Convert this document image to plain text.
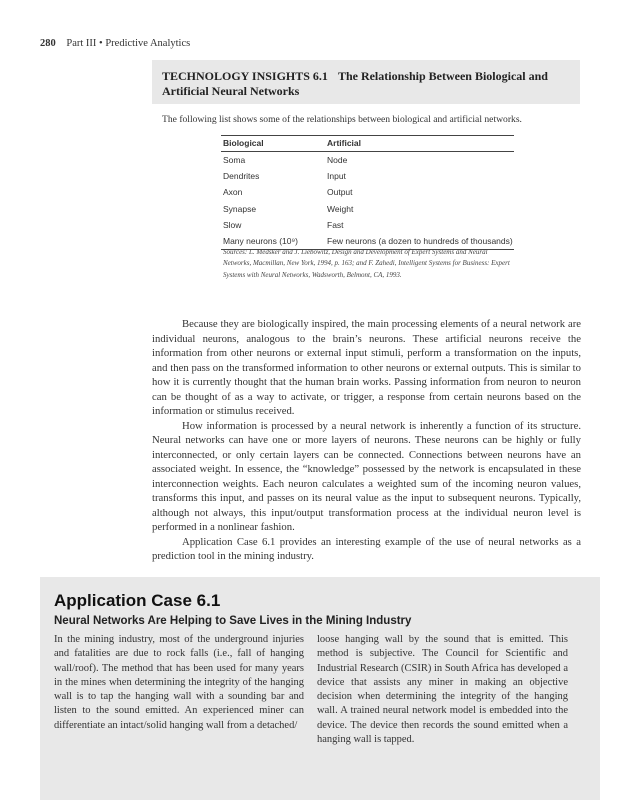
280 Part III • Predictive Analytics
TECHNOLOGY INSIGHTS 6.1 The Relationship Between Biological and Artificial Neural Networks
The following list shows some of the relationships between biological and artificial networks.
Biological	Artificial
Soma	Node
Dendrites	Input
Axon	Output
Synapse	Weight
Slow	Fast
Many neurons (10⁹)	Few neurons (a dozen to hundreds of thousands)
Sources: L. Medsker and J. Liebowitz, Design and Development of Expert Systems and Neural Networks, Macmillan, New York, 1994, p. 163; and F. Zahedi, Intelligent Systems for Business: Expert Systems with Neural Networks, Wadsworth, Belmont, CA, 1993.

Because they are biologically inspired, the main processing elements of a neural network are individual neurons, analogous to the brain’s neurons. These artificial neurons receive the information from other neurons or external input stimuli, perform a transformation on the inputs, and then pass on the transformed information to other neurons or external outputs. This is similar to how it is currently thought that the human brain works. Passing information from neuron to neuron can be thought of as a way to activate, or trigger, a response from certain neurons based on the information or stimulus received.

How information is processed by a neural network is inherently a function of its structure. Neural networks can have one or more layers of neurons. These neurons can be highly or fully interconnected, or only certain layers can be connected. Connections between neurons have an associated weight. In essence, the “knowledge” possessed by the network is encapsulated in these interconnection weights. Each neuron calculates a weighted sum of the incoming neuron values, transforms this input, and passes on its neural value as the input to subsequent neurons. Typically, although not always, this input/output transformation process at the individual neuron level is performed in a nonlinear fashion.

Application Case 6.1 provides an interesting example of the use of neural networks as a prediction tool in the mining industry.

Application Case 6.1
Neural Networks Are Helping to Save Lives in the Mining Industry

In the mining industry, most of the underground injuries and fatalities are due to rock falls (i.e., fall of hanging wall/roof). The method that has been used for many years in the mines when determining the integrity of the hanging wall is to tap the hanging wall with a sounding bar and listen to the sound emitted. An experienced miner can differentiate an intact/solid hanging wall from a detached/

loose hanging wall by the sound that is emitted. This method is subjective. The Council for Scientific and Industrial Research (CSIR) in South Africa has developed a device that assists any miner in making an objective decision when determining the integrity of the hanging wall. A trained neural network model is embedded into the device. The device then records the sound emitted when a hanging wall is tapped.
